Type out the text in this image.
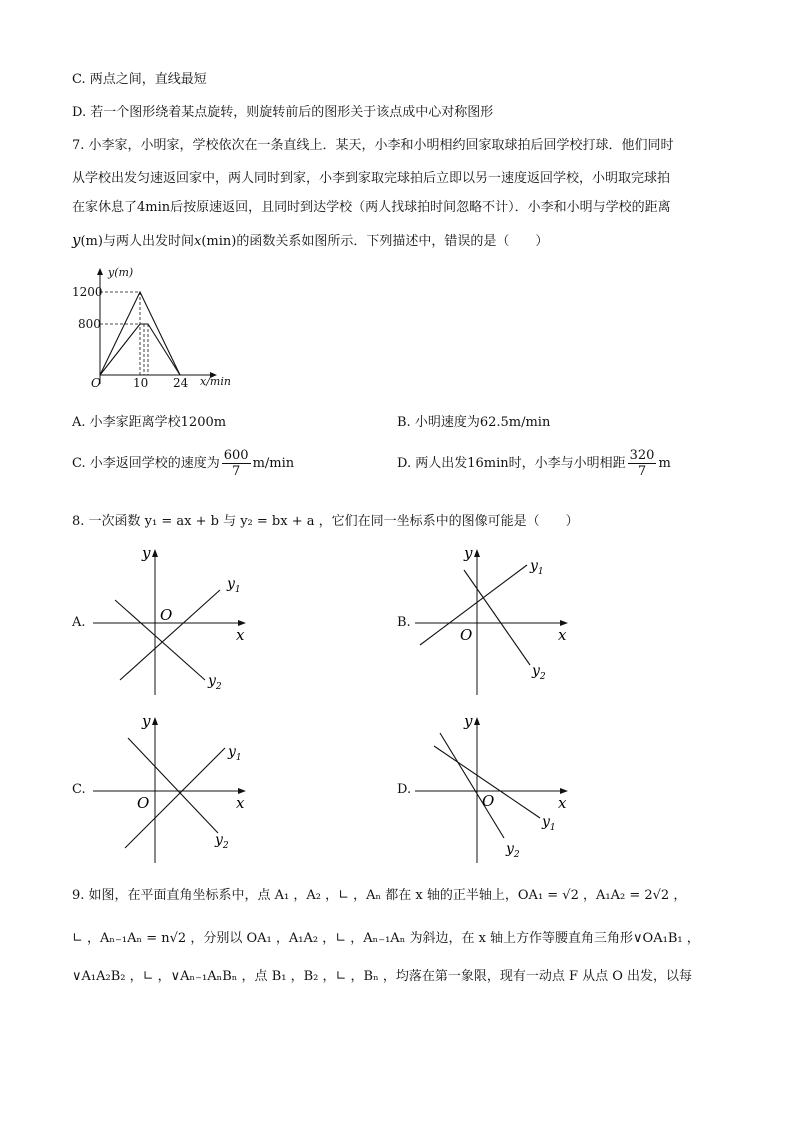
C. 两点之间，直线最短
D. 若一个图形绕着某点旋转，则旋转前后的图形关于该点成中心对称图形
7. 小李家，小明家，学校依次在一条直线上．某天，小李和小明相约回家取球拍后回学校打球．他们同时
从学校出发匀速返回家中，两人同时到家，小李到家取完球拍后立即以另一速度返回学校，小明取完球拍
在家休息了4min后按原速返回，且同时到达学校（两人找球拍时间忽略不计）．小李和小明与学校的距离
y(m)与两人出发时间x(min)的函数关系如图所示．下列描述中，错误的是（　　）
y(m)
1200
800
O	10 24 x/min
A. 小李家距离学校1200m	B. 小明速度为62.5m/min
C. 小李返回学校的速度为 $\frac{600}{7} m/\min$	D. 两人出发16min时，小李与小明相距 $\frac{320}{7}$ m
8. 一次函数 y₁ = ax + b 与 y₂ = bx + a ，它们在同一坐标系中的图像可能是（　　）
A.
y
x
O
$y_1$
$y_2$
B.
y
x
O
$y_1$
$y_2$
C.
y
x
O
$y_1$
$y_2$
D.
y
x
O
$y_1$
$y_2$
9. 如图，在平面直角坐标系中，点 A₁ ，A₂ ，∟ ，Aₙ 都在 x 轴的正半轴上，OA₁ = √2 ，A₁A₂ = 2√2 ，
∟ ，Aₙ₋₁Aₙ = n√2 ，分别以 OA₁ ，A₁A₂ ，∟ ，Aₙ₋₁Aₙ 为斜边，在 x 轴上方作等腰直角三角形∨OA₁B₁ ，
∨A₁A₂B₂ ，∟ ，∨Aₙ₋₁AₙBₙ ，点 B₁ ，B₂ ，∟ ，Bₙ ，均落在第一象限，现有一动点 F 从点 O 出发，以每
